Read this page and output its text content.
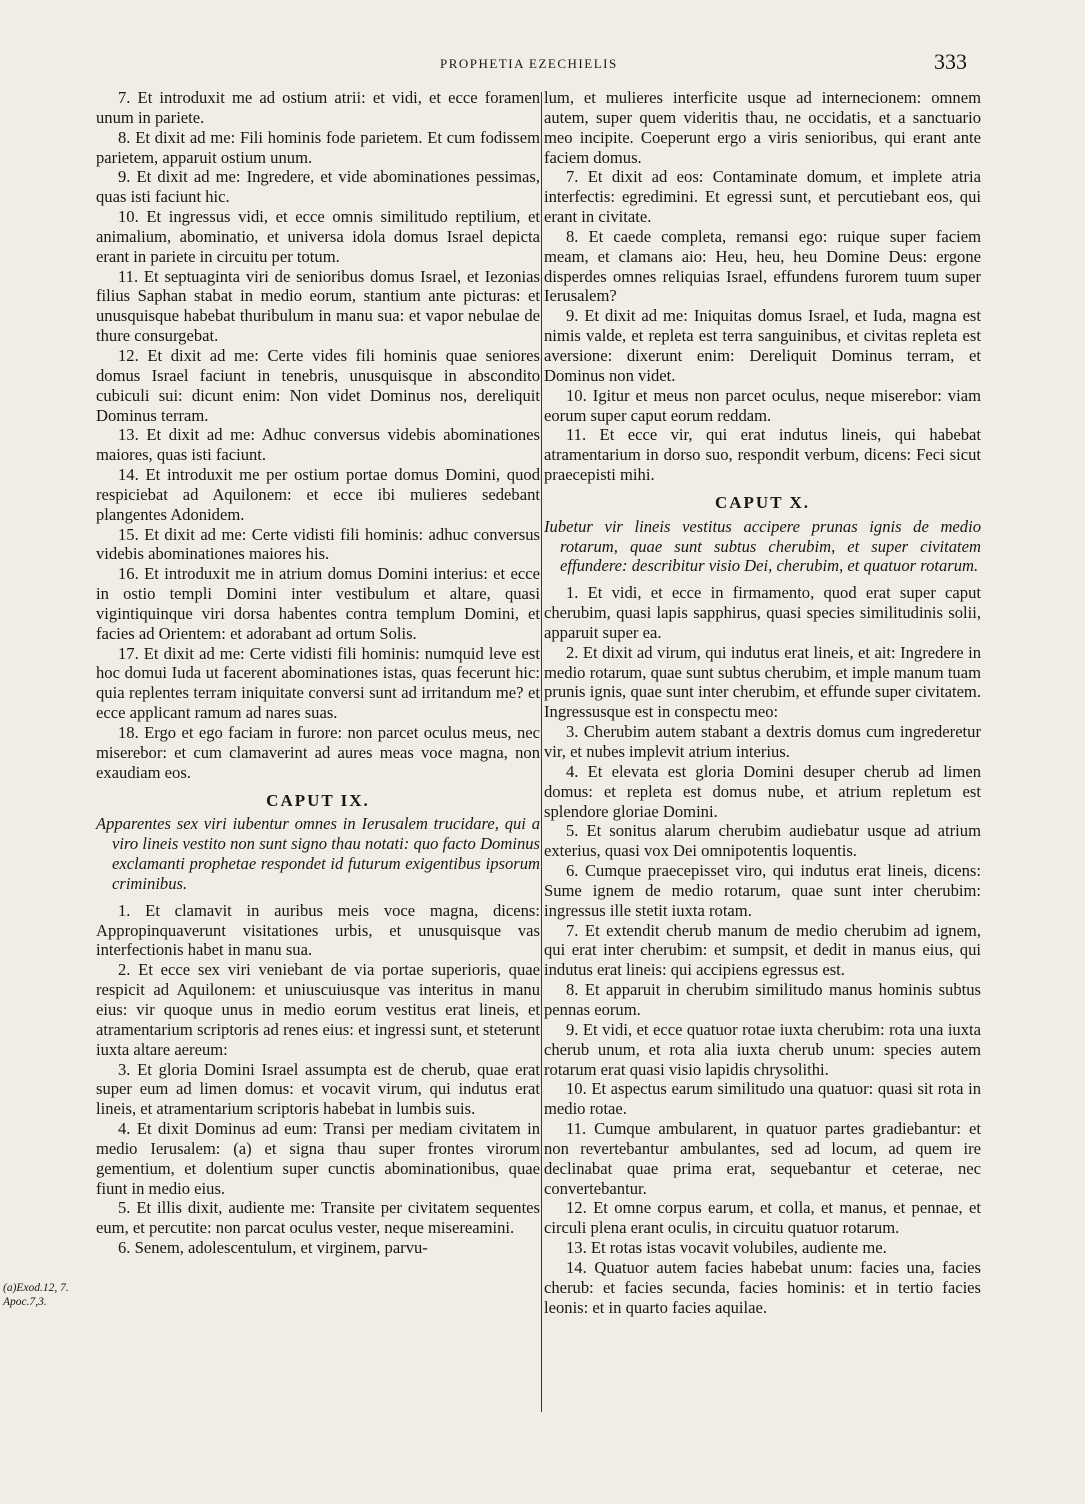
PROPHETIA EZECHIELIS	333

7. Et introduxit me ad ostium atrii: et vidi, et ecce foramen unum in pariete.

8. Et dixit ad me: Fili hominis fode parietem. Et cum fodissem parietem, apparuit ostium unum.

9. Et dixit ad me: Ingredere, et vide abominationes pessimas, quas isti faciunt hic.

10. Et ingressus vidi, et ecce omnis similitudo reptilium, et animalium, abominatio, et universa idola domus Israel depicta erant in pariete in circuitu per totum.

11. Et septuaginta viri de senioribus domus Israel, et Iezonias filius Saphan stabat in medio eorum, stantium ante picturas: et unusquisque habebat thuribulum in manu sua: et vapor nebulae de thure consurgebat.

12. Et dixit ad me: Certe vides fili hominis quae seniores domus Israel faciunt in tenebris, unusquisque in abscondito cubiculi sui: dicunt enim: Non videt Dominus nos, dereliquit Dominus terram.

13. Et dixit ad me: Adhuc conversus videbis abominationes maiores, quas isti faciunt.

14. Et introduxit me per ostium portae domus Domini, quod respiciebat ad Aquilonem: et ecce ibi mulieres sedebant plangentes Adonidem.

15. Et dixit ad me: Certe vidisti fili hominis: adhuc conversus videbis abominationes maiores his.

16. Et introduxit me in atrium domus Domini interius: et ecce in ostio templi Domini inter vestibulum et altare, quasi vigintiquinque viri dorsa habentes contra templum Domini, et facies ad Orientem: et adorabant ad ortum Solis.

17. Et dixit ad me: Certe vidisti fili hominis: numquid leve est hoc domui Iuda ut facerent abominationes istas, quas fecerunt hic: quia replentes terram iniquitate conversi sunt ad irritandum me? et ecce applicant ramum ad nares suas.

18. Ergo et ego faciam in furore: non parcet oculus meus, nec miserebor: et cum clamaverint ad aures meas voce magna, non exaudiam eos.

CAPUT IX.

Apparentes sex viri iubentur omnes in Ierusalem trucidare, qui a viro lineis vestito non sunt signo thau notati: quo facto Dominus exclamanti prophetae respondet id futurum exigentibus ipsorum criminibus.

1. Et clamavit in auribus meis voce magna, dicens: Appropinquaverunt visitationes urbis, et unusquisque vas interfectionis habet in manu sua.

2. Et ecce sex viri veniebant de via portae superioris, quae respicit ad Aquilonem: et uniuscuiusque vas interitus in manu eius: vir quoque unus in medio eorum vestitus erat lineis, et atramentarium scriptoris ad renes eius: et ingressi sunt, et steterunt iuxta altare aereum:

3. Et gloria Domini Israel assumpta est de cherub, quae erat super eum ad limen domus: et vocavit virum, qui indutus erat lineis, et atramentarium scriptoris habebat in lumbis suis.

4. Et dixit Dominus ad eum: Transi per mediam civitatem in medio Ierusalem: (a) et signa thau super frontes virorum gementium, et dolentium super cunctis abominationibus, quae fiunt in medio eius.

5. Et illis dixit, audiente me: Transite per civitatem sequentes eum, et percutite: non parcat oculus vester, neque misereamini.

6. Senem, adolescentulum, et virginem, parvu-

(a)Exod.12, 7. Apoc.7,3.

lum, et mulieres interficite usque ad internecionem: omnem autem, super quem videritis thau, ne occidatis, et a sanctuario meo incipite. Coeperunt ergo a viris senioribus, qui erant ante faciem domus.

7. Et dixit ad eos: Contaminate domum, et implete atria interfectis: egredimini. Et egressi sunt, et percutiebant eos, qui erant in civitate.

8. Et caede completa, remansi ego: ruique super faciem meam, et clamans aio: Heu, heu, heu Domine Deus: ergone disperdes omnes reliquias Israel, effundens furorem tuum super Ierusalem?

9. Et dixit ad me: Iniquitas domus Israel, et Iuda, magna est nimis valde, et repleta est terra sanguinibus, et civitas repleta est aversione: dixerunt enim: Dereliquit Dominus terram, et Dominus non videt.

10. Igitur et meus non parcet oculus, neque miserebor: viam eorum super caput eorum reddam.

11. Et ecce vir, qui erat indutus lineis, qui habebat atramentarium in dorso suo, respondit verbum, dicens: Feci sicut praecepisti mihi.

CAPUT X.

Iubetur vir lineis vestitus accipere prunas ignis de medio rotarum, quae sunt subtus cherubim, et super civitatem effundere: describitur visio Dei, cherubim, et quatuor rotarum.

1. Et vidi, et ecce in firmamento, quod erat super caput cherubim, quasi lapis sapphirus, quasi species similitudinis solii, apparuit super ea.

2. Et dixit ad virum, qui indutus erat lineis, et ait: Ingredere in medio rotarum, quae sunt subtus cherubim, et imple manum tuam prunis ignis, quae sunt inter cherubim, et effunde super civitatem. Ingressusque est in conspectu meo:

3. Cherubim autem stabant a dextris domus cum ingrederetur vir, et nubes implevit atrium interius.

4. Et elevata est gloria Domini desuper cherub ad limen domus: et repleta est domus nube, et atrium repletum est splendore gloriae Domini.

5. Et sonitus alarum cherubim audiebatur usque ad atrium exterius, quasi vox Dei omnipotentis loquentis.

6. Cumque praecepisset viro, qui indutus erat lineis, dicens: Sume ignem de medio rotarum, quae sunt inter cherubim: ingressus ille stetit iuxta rotam.

7. Et extendit cherub manum de medio cherubim ad ignem, qui erat inter cherubim: et sumpsit, et dedit in manus eius, qui indutus erat lineis: qui accipiens egressus est.

8. Et apparuit in cherubim similitudo manus hominis subtus pennas eorum.

9. Et vidi, et ecce quatuor rotae iuxta cherubim: rota una iuxta cherub unum, et rota alia iuxta cherub unum: species autem rotarum erat quasi visio lapidis chrysolithi.

10. Et aspectus earum similitudo una quatuor: quasi sit rota in medio rotae.

11. Cumque ambularent, in quatuor partes gradiebantur: et non revertebantur ambulantes, sed ad locum, ad quem ire declinabat quae prima erat, sequebantur et ceterae, nec convertebantur.

12. Et omne corpus earum, et colla, et manus, et pennae, et circuli plena erant oculis, in circuitu quatuor rotarum.

13. Et rotas istas vocavit volubiles, audiente me.

14. Quatuor autem facies habebat unum: facies una, facies cherub: et facies secunda, facies hominis: et in tertio facies leonis: et in quarto facies aquilae.
